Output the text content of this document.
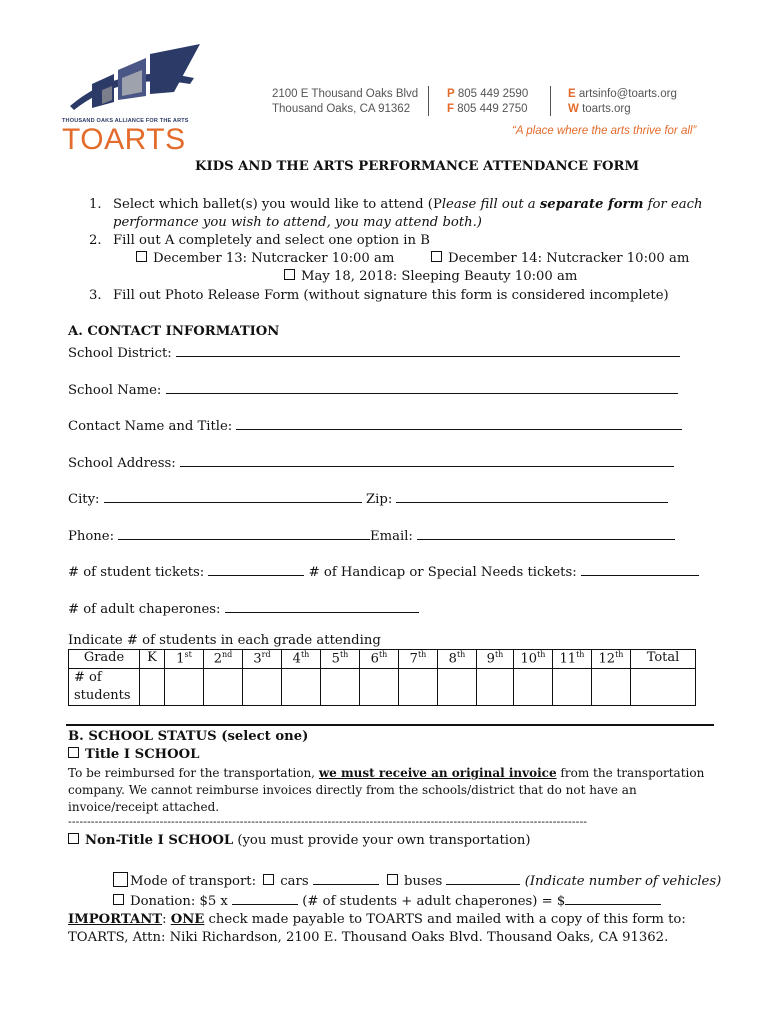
THOUSAND OAKS ALLIANCE FOR THE ARTS
TOARTS
2100 E Thousand Oaks Blvd
Thousand Oaks, CA 91362
P 805 449 2590
F 805 449 2750
E artsinfo@toarts.org
W toarts.org
“A place where the arts thrive for all”
KIDS AND THE ARTS PERFORMANCE ATTENDANCE FORM
1. Select which ballet(s) you would like to attend (Please fill out a separate form for each
performance you wish to attend, you may attend both.)
2. Fill out A completely and select one option in B
December 13: Nutcracker 10:00 am	December 14: Nutcracker 10:00 am
May 18, 2018: Sleeping Beauty 10:00 am
3. Fill out Photo Release Form (without signature this form is considered incomplete)
A. CONTACT INFORMATION
School District:
School Name:
Contact Name and Title:
School Address:
City:	Zip:
Phone:	Email:
# of student tickets:	# of Handicap or Special Needs tickets:
# of adult chaperones:
Indicate # of students in each grade attending
Grade	K	1st	2nd	3rd	4th	5th	6th	7th	8th	9th	10th	11th	12th	Total

# of
students														

B. SCHOOL STATUS (select one)
Title I SCHOOL
To be reimbursed for the transportation, we must receive an original invoice from the transportation
company. We cannot reimburse invoices directly from the schools/district that do not have an
invoice/receipt attached.
----------------------------------------------------------------------------------------------------------------------------------------
Non-Title I SCHOOL (you must provide your own transportation)
Mode of transport: cars	buses	(Indicate number of vehicles)
Donation: $5 x	(# of students + adult chaperones) = $
IMPORTANT: ONE check made payable to TOARTS and mailed with a copy of this form to:
TOARTS, Attn: Niki Richardson, 2100 E. Thousand Oaks Blvd. Thousand Oaks, CA 91362.
